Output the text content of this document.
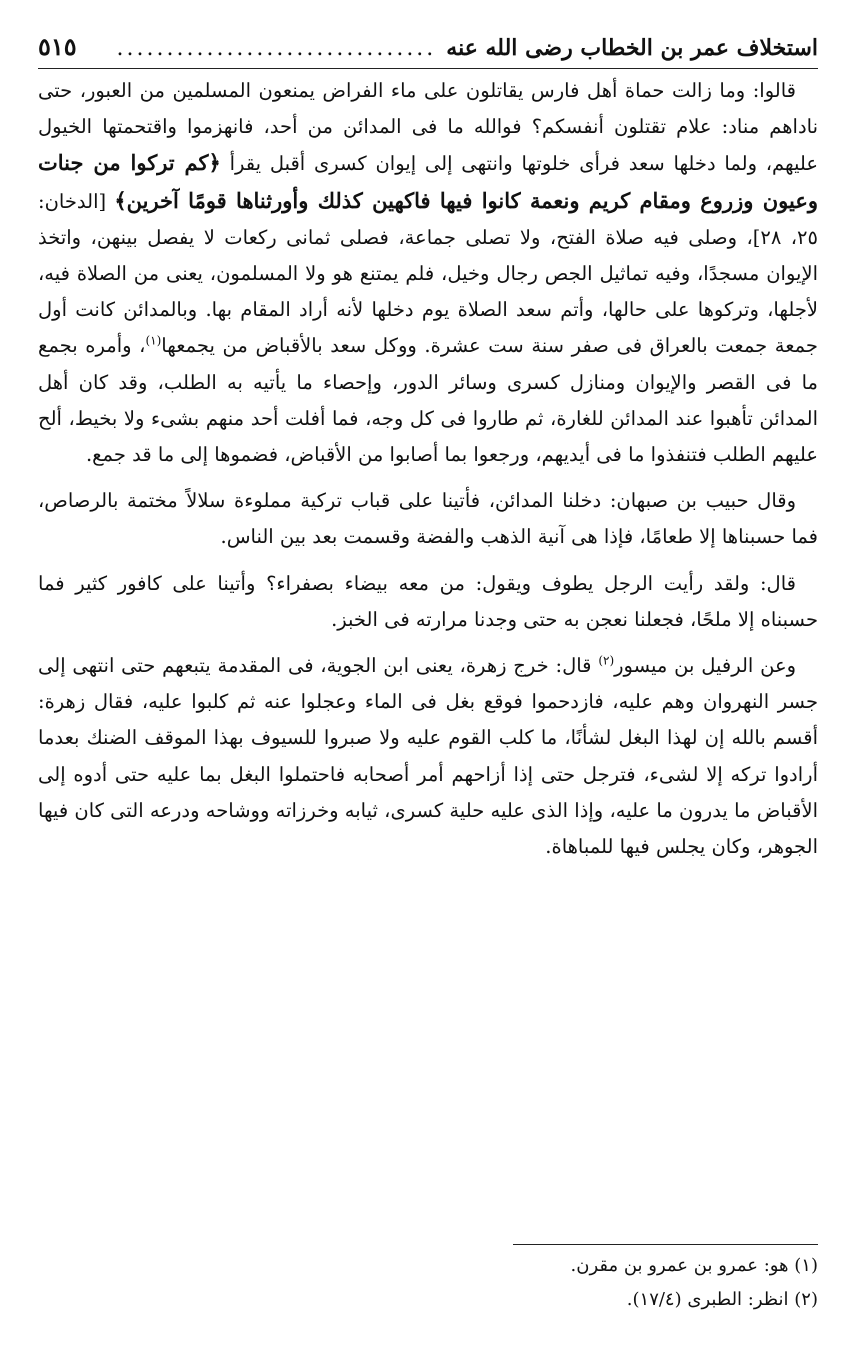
استخلاف عمر بن الخطاب رضى الله عنه
................................
٥١٥

قالوا: وما زالت حماة أهل فارس يقاتلون على ماء الفراض يمنعون المسلمين من العبور، حتى ناداهم مناد: علام تقتلون أنفسكم؟ فوالله ما فى المدائن من أحد، فانهزموا واقتحمتها الخيول عليهم، ولما دخلها سعد فرأى خلوتها وانتهى إلى إيوان كسرى أقبل يقرأ ﴿كم تركوا من جنات وعيون وزروع ومقام كريم ونعمة كانوا فيها فاكهين كذلك وأورثناها قومًا آخرين﴾ [الدخان: ٢٥، ٢٨]، وصلى فيه صلاة الفتح، ولا تصلى جماعة، فصلى ثمانى ركعات لا يفصل بينهن، واتخذ الإيوان مسجدًا، وفيه تماثيل الجص رجال وخيل، فلم يمتنع هو ولا المسلمون، يعنى من الصلاة فيه، لأجلها، وتركوها على حالها، وأتم سعد الصلاة يوم دخلها لأنه أراد المقام بها. وبالمدائن كانت أول جمعة جمعت بالعراق فى صفر سنة ست عشرة. ووكل سعد بالأقباض من يجمعها$^{(١)}$، وأمره بجمع ما فى القصر والإيوان ومنازل كسرى وسائر الدور، وإحصاء ما يأتيه به الطلب، وقد كان أهل المدائن تأهبوا عند المدائن للغارة، ثم طاروا فى كل وجه، فما أفلت أحد منهم بشىء ولا بخيط، ألح عليهم الطلب فتنفذوا ما فى أيديهم، ورجعوا بما أصابوا من الأقباض، فضموها إلى ما قد جمع.

وقال حبيب بن صبهان: دخلنا المدائن، فأتينا على قباب تركية مملوءة سلالاً مختمة بالرصاص، فما حسبناها إلا طعامًا، فإذا هى آنية الذهب والفضة وقسمت بعد بين الناس.

قال: ولقد رأيت الرجل يطوف ويقول: من معه بيضاء بصفراء؟ وأتينا على كافور كثير فما حسبناه إلا ملحًا، فجعلنا نعجن به حتى وجدنا مرارته فى الخبز.

وعن الرفيل بن ميسور$^{(٢)}$ قال: خرج زهرة، يعنى ابن الجوية، فى المقدمة يتبعهم حتى انتهى إلى جسر النهروان وهم عليه، فازدحموا فوقع بغل فى الماء وعجلوا عنه ثم كلبوا عليه، فقال زهرة: أقسم بالله إن لهذا البغل لشأنًا، ما كلب القوم عليه ولا صبروا للسيوف بهذا الموقف الضنك بعدما أرادوا تركه إلا لشىء، فترجل حتى إذا أزاحهم أمر أصحابه فاحتملوا البغل بما عليه حتى أدوه إلى الأقباض ما يدرون ما عليه، وإذا الذى عليه حلية كسرى، ثيابه وخرزاته ووشاحه ودرعه التى كان فيها الجوهر، وكان يجلس فيها للمباهاة.

(١) هو: عمرو بن عمرو بن مقرن.

(٢) انظر: الطبرى (١٧/٤).
